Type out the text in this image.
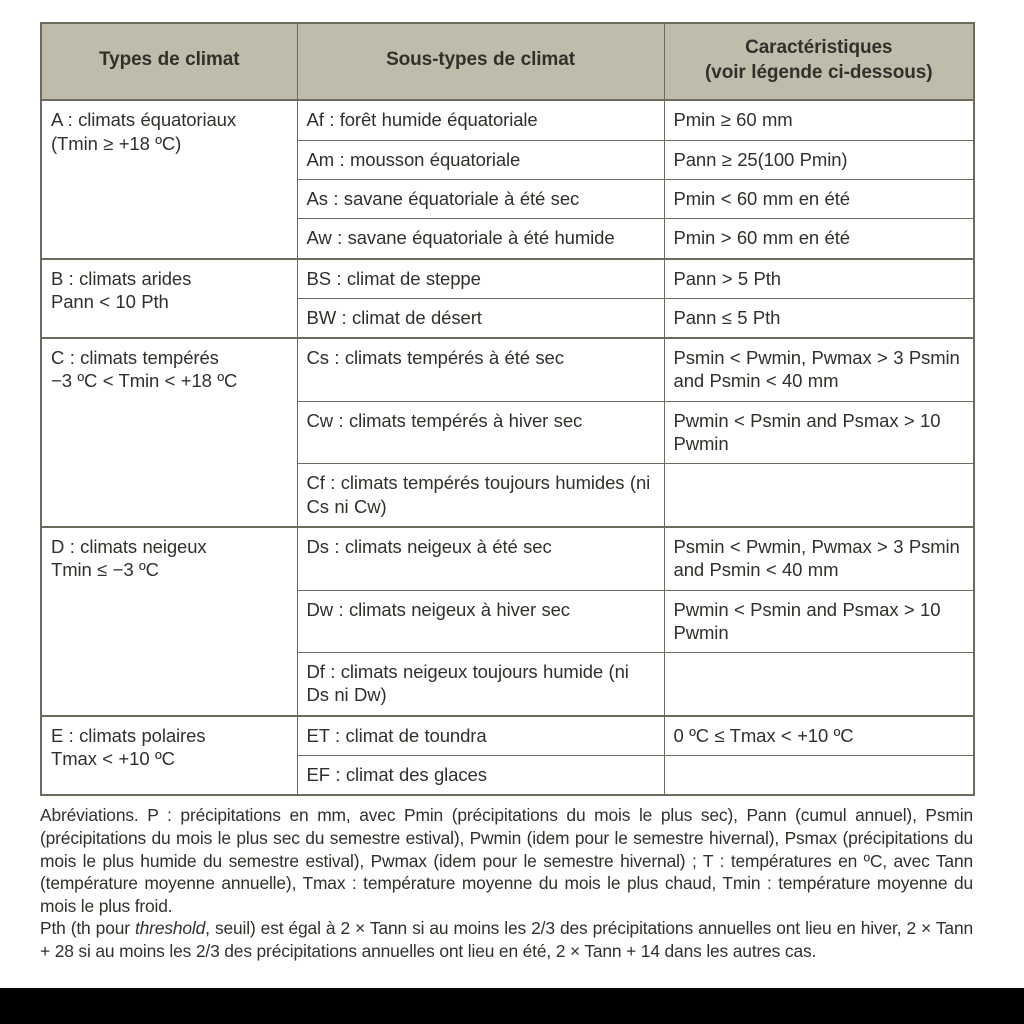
Types de climat	Sous-types de climat	Caractéristiques
(voir légende ci-dessous)
A : climats équatoriaux
(Tmin ≥ +18 ºC)	Af : forêt humide équatoriale	Pmin ≥ 60 mm
	Am : mousson équatoriale	Pann ≥ 25(100 Pmin)
	As : savane équatoriale à été sec	Pmin < 60 mm en été
	Aw : savane équatoriale à été humide	Pmin > 60 mm en été
B : climats arides
Pann < 10 Pth	BS : climat de steppe	Pann > 5 Pth
	BW : climat de désert	Pann ≤ 5 Pth
C : climats tempérés
−3 ºC < Tmin < +18 ºC	Cs : climats tempérés à été sec	Psmin < Pwmin, Pwmax > 3 Psmin and Psmin < 40 mm
	Cw : climats tempérés à hiver sec	Pwmin < Psmin and Psmax > 10 Pwmin
	Cf : climats tempérés toujours humides (ni Cs ni Cw)	
D : climats neigeux
Tmin ≤ −3 ºC	Ds : climats neigeux à été sec	Psmin < Pwmin, Pwmax > 3 Psmin and Psmin < 40 mm
	Dw : climats neigeux à hiver sec	Pwmin < Psmin and Psmax > 10 Pwmin
	Df : climats neigeux toujours humide (ni Ds ni Dw)	
E : climats polaires
Tmax < +10 ºC	ET : climat de toundra	0 ºC ≤ Tmax < +10 ºC
	EF : climat des glaces	

Abréviations. P : précipitations en mm, avec Pmin (précipitations du mois le plus sec), Pann (cumul annuel), Psmin (précipitations du mois le plus sec du semestre estival), Pwmin (idem pour le semestre hivernal), Psmax (précipitations du mois le plus humide du semestre estival), Pwmax (idem pour le semestre hivernal) ; T : températures en ºC, avec Tann (température moyenne annuelle), Tmax : température moyenne du mois le plus chaud, Tmin : température moyenne du mois le plus froid.

Pth (th pour threshold, seuil) est égal à 2 × Tann si au moins les 2/3 des précipitations annuelles ont lieu en hiver, 2 × Tann + 28 si au moins les 2/3 des précipitations annuelles ont lieu en été, 2 × Tann + 14 dans les autres cas.
